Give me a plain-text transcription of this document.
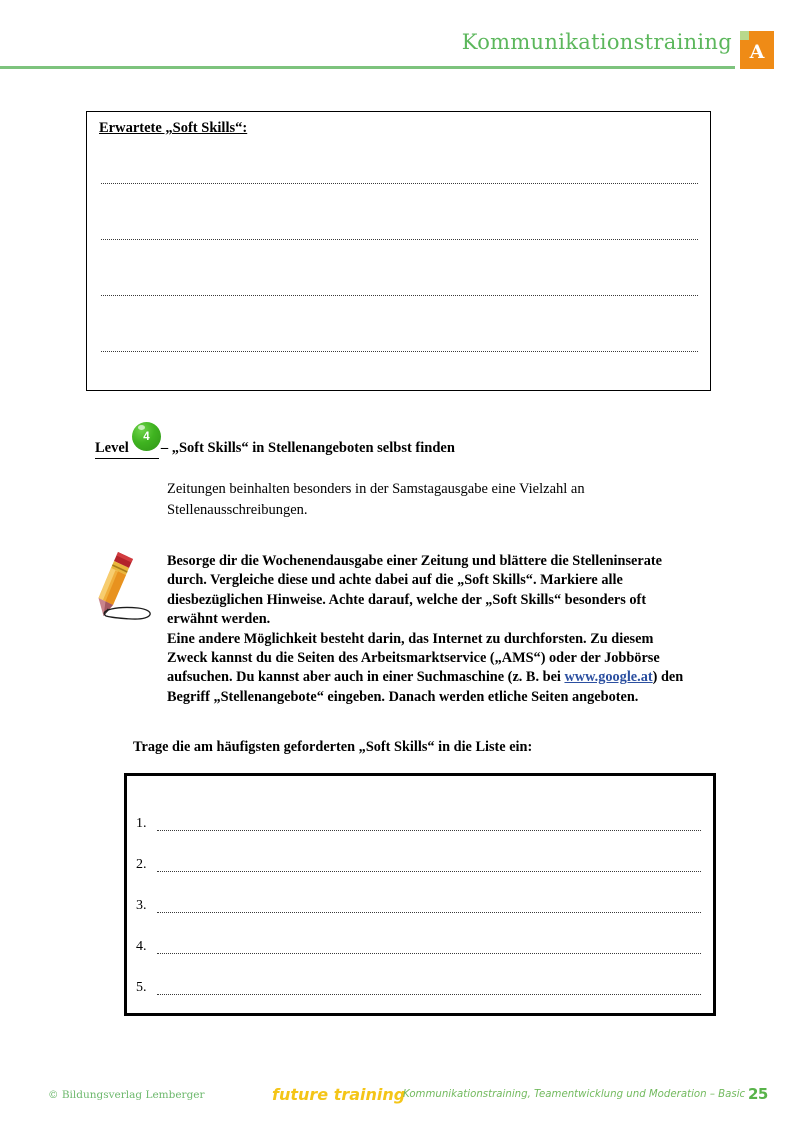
Kommunikationstraining A
Erwartete „Soft Skills“:
Level
4
– „Soft Skills“ in Stellenangeboten selbst finden
Zeitungen beinhalten besonders in der Samstagausgabe eine Vielzahl an Stellenausschreibungen.
Besorge dir die Wochenendausgabe einer Zeitung und blättere die Stelleninserate durch. Vergleiche diese und achte dabei auf die „Soft Skills“. Markiere alle diesbezüglichen Hinweise. Achte darauf, welche der „Soft Skills“ besonders oft erwähnt werden.
Eine andere Möglichkeit besteht darin, das Internet zu durchforsten. Zu diesem Zweck kannst du die Seiten des Arbeitsmarktservice („AMS“) oder der Jobbörse aufsuchen. Du kannst aber auch in einer Suchmaschine (z. B. bei www.google.at) den Begriff „Stellenangebote“ eingeben. Danach werden etliche Seiten angeboten.
Trage die am häufigsten geforderten „Soft Skills“ in die Liste ein:
1.
2.
3.
4.
5.
© Bildungsverlag Lemberger	future training
Kommunikationstraining, Teamentwicklung und Moderation – Basic 25
